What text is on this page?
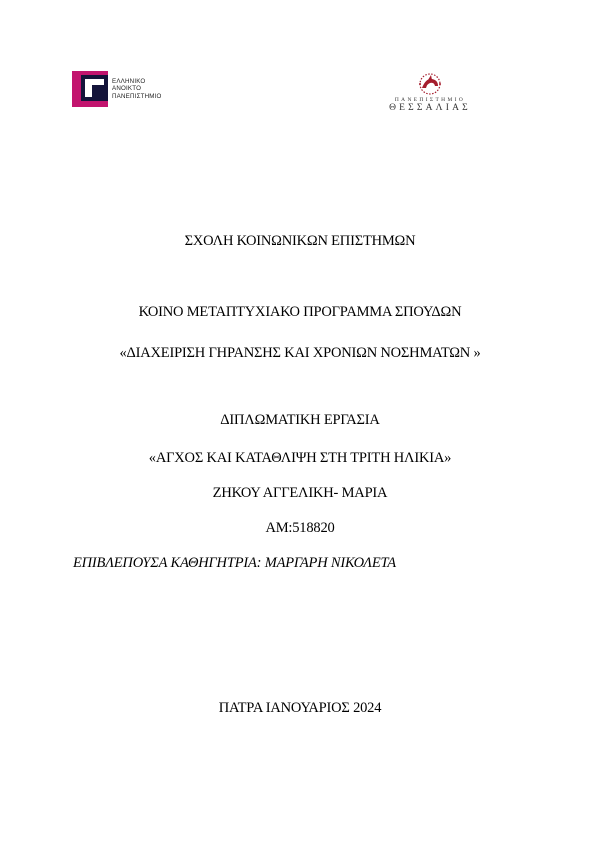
ΕΛΛΗΝΙΚΟ
ΑΝΟΙΚΤΟ
ΠΑΝΕΠΙΣΤΗΜΙΟ
ΠΑΝΕΠΙΣΤΗΜΙΟ
ΘΕΣΣΑΛΙΑΣ
ΣΧΟΛΗ ΚΟΙΝΩΝΙΚΩΝ ΕΠΙΣΤΗΜΩΝ
ΚΟΙΝΟ ΜΕΤΑΠΤΥΧΙΑΚΟ ΠΡΟΓΡΑΜΜΑ ΣΠΟΥΔΩΝ
«ΔΙΑΧΕΙΡΙΣΗ ΓΗΡΑΝΣΗΣ ΚΑΙ ΧΡΟΝΙΩΝ ΝΟΣΗΜΑΤΩΝ »
ΔΙΠΛΩΜΑΤΙΚΗ ΕΡΓΑΣΙΑ
«ΑΓΧΟΣ ΚΑΙ ΚΑΤΑΘΛΙΨΗ ΣΤΗ ΤΡΙΤΗ ΗΛΙΚΙΑ»
ΖΗΚΟΥ ΑΓΓΕΛΙΚΗ- ΜΑΡΙΑ
ΑΜ:518820
ΕΠΙΒΛΕΠΟΥΣΑ ΚΑΘΗΓΗΤΡΙΑ: ΜΑΡΓΑΡΗ ΝΙΚΟΛΕΤΑ
ΠΑΤΡΑ ΙΑΝΟΥΑΡΙΟΣ 2024
